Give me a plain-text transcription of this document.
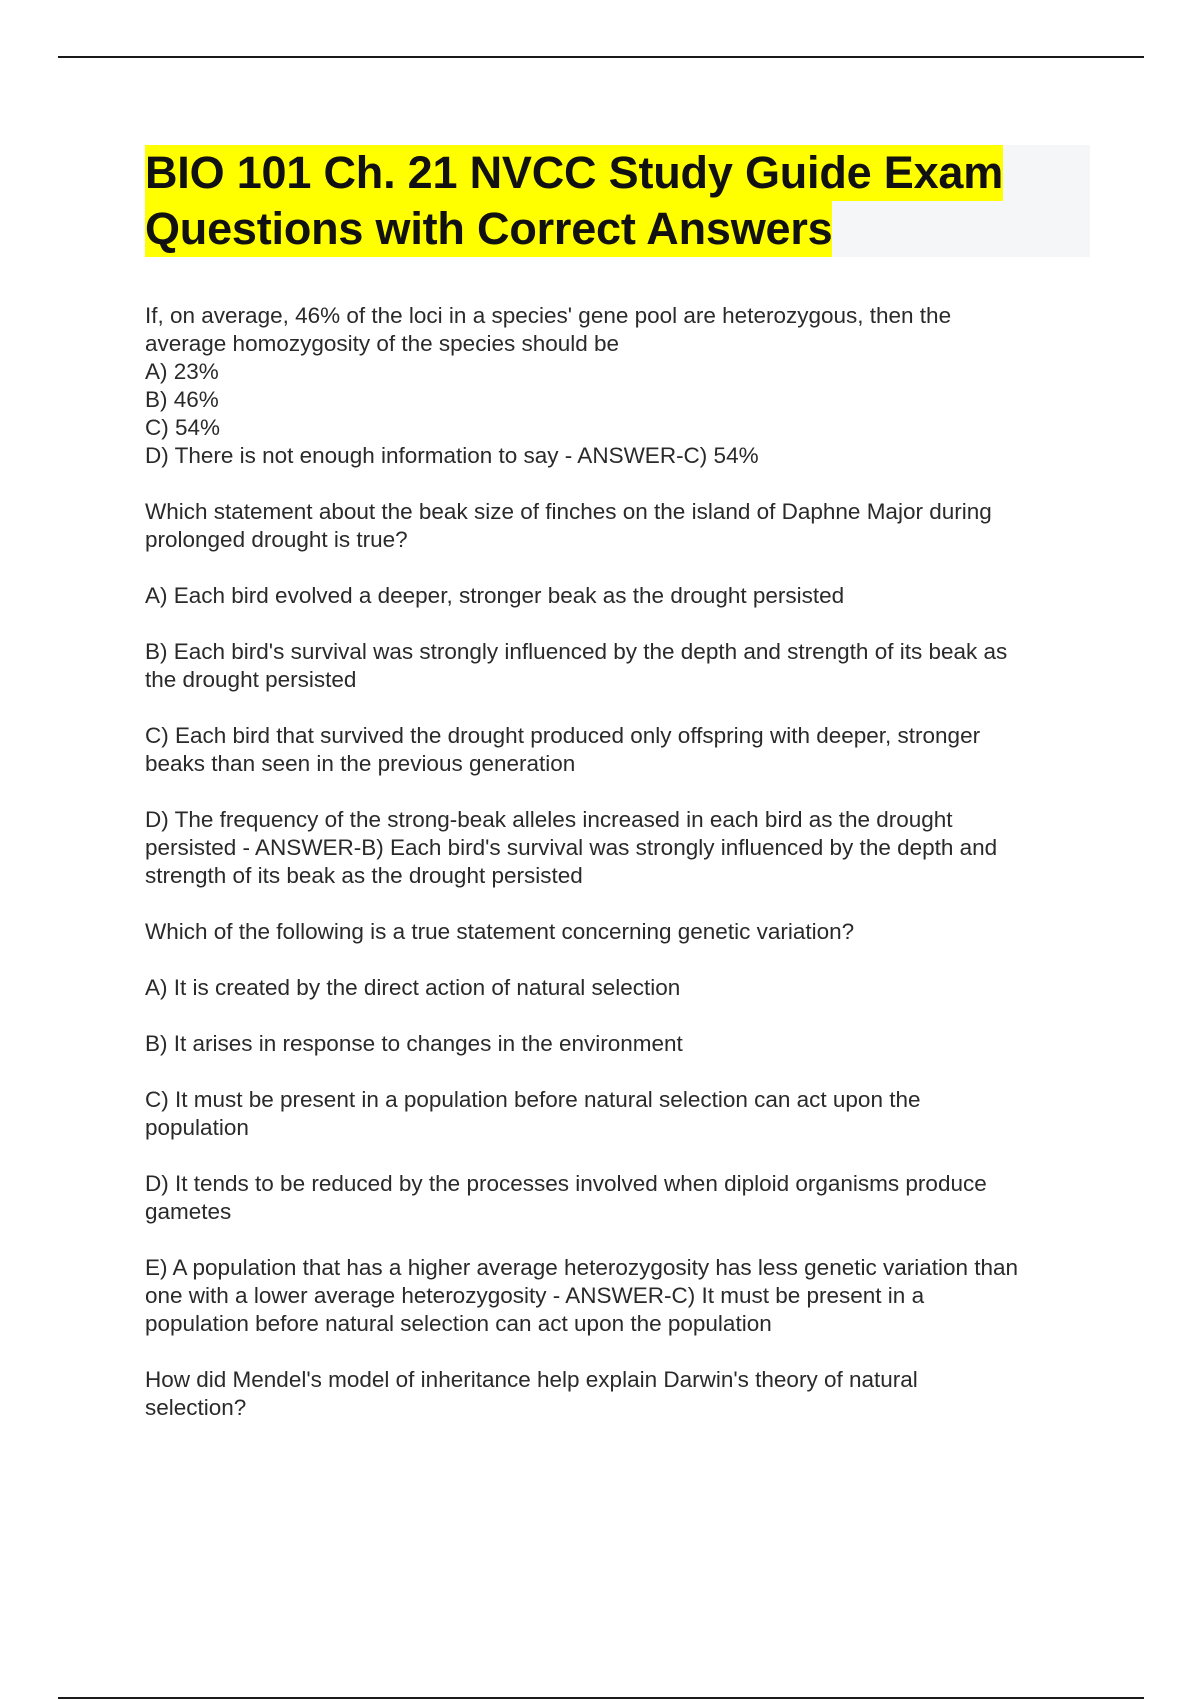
BIO 101 Ch. 21 NVCC Study Guide Exam
Questions with Correct Answers
If, on average, 46% of the loci in a species' gene pool are heterozygous, then the
average homozygosity of the species should be
A) 23%
B) 46%
C) 54%
D) There is not enough information to say - ANSWER-C) 54%
Which statement about the beak size of finches on the island of Daphne Major during
prolonged drought is true?
A) Each bird evolved a deeper, stronger beak as the drought persisted
B) Each bird's survival was strongly influenced by the depth and strength of its beak as
the drought persisted
C) Each bird that survived the drought produced only offspring with deeper, stronger
beaks than seen in the previous generation
D) The frequency of the strong-beak alleles increased in each bird as the drought
persisted - ANSWER-B) Each bird's survival was strongly influenced by the depth and
strength of its beak as the drought persisted
Which of the following is a true statement concerning genetic variation?
A) It is created by the direct action of natural selection
B) It arises in response to changes in the environment
C) It must be present in a population before natural selection can act upon the
population
D) It tends to be reduced by the processes involved when diploid organisms produce
gametes
E) A population that has a higher average heterozygosity has less genetic variation than
one with a lower average heterozygosity - ANSWER-C) It must be present in a
population before natural selection can act upon the population
How did Mendel's model of inheritance help explain Darwin's theory of natural
selection?
